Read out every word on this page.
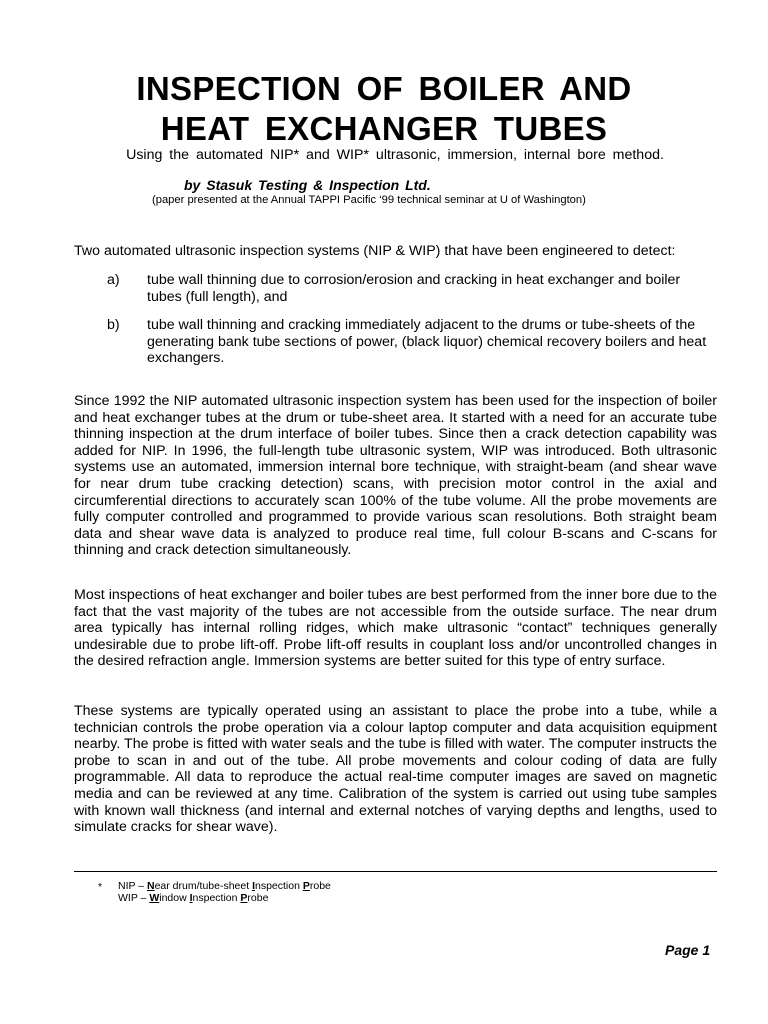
INSPECTION OF BOILER AND
HEAT EXCHANGER TUBES

Using the automated NIP* and WIP* ultrasonic, immersion, internal bore method.

by Stasuk Testing & Inspection Ltd.

(paper presented at the Annual TAPPI Pacific ‘99 technical seminar at U of Washington)

Two automated ultrasonic inspection systems (NIP & WIP) that have been engineered to detect:

a) tube wall thinning due to corrosion/erosion and cracking in heat exchanger and boiler tubes (full length), and
b) tube wall thinning and cracking immediately adjacent to the drums or tube-sheets of the generating bank tube sections of power, (black liquor) chemical recovery boilers and heat exchangers.

Since 1992 the NIP automated ultrasonic inspection system has been used for the inspection of boiler and heat exchanger tubes at the drum or tube-sheet area. It started with a need for an accurate tube thinning inspection at the drum interface of boiler tubes. Since then a crack detection capability was added for NIP. In 1996, the full-length tube ultrasonic system, WIP was introduced. Both ultrasonic systems use an automated, immersion internal bore technique, with straight-beam (and shear wave for near drum tube cracking detection) scans, with precision motor control in the axial and circumferential directions to accurately scan 100% of the tube volume. All the probe movements are fully computer controlled and programmed to provide various scan resolutions. Both straight beam data and shear wave data is analyzed to produce real time, full colour B-scans and C-scans for thinning and crack detection simultaneously.

Most inspections of heat exchanger and boiler tubes are best performed from the inner bore due to the fact that the vast majority of the tubes are not accessible from the outside surface. The near drum area typically has internal rolling ridges, which make ultrasonic “contact” techniques generally undesirable due to probe lift-off. Probe lift-off results in couplant loss and/or uncontrolled changes in the desired refraction angle. Immersion systems are better suited for this type of entry surface.

These systems are typically operated using an assistant to place the probe into a tube, while a technician controls the probe operation via a colour laptop computer and data acquisition equipment nearby. The probe is fitted with water seals and the tube is filled with water. The computer instructs the probe to scan in and out of the tube. All probe movements and colour coding of data are fully programmable. All data to reproduce the actual real-time computer images are saved on magnetic media and can be reviewed at any time. Calibration of the system is carried out using tube samples with known wall thickness (and internal and external notches of varying depths and lengths, used to simulate cracks for shear wave).

* NIP – Near drum/tube-sheet Inspection Probe

WIP – Window Inspection Probe

Page 1
